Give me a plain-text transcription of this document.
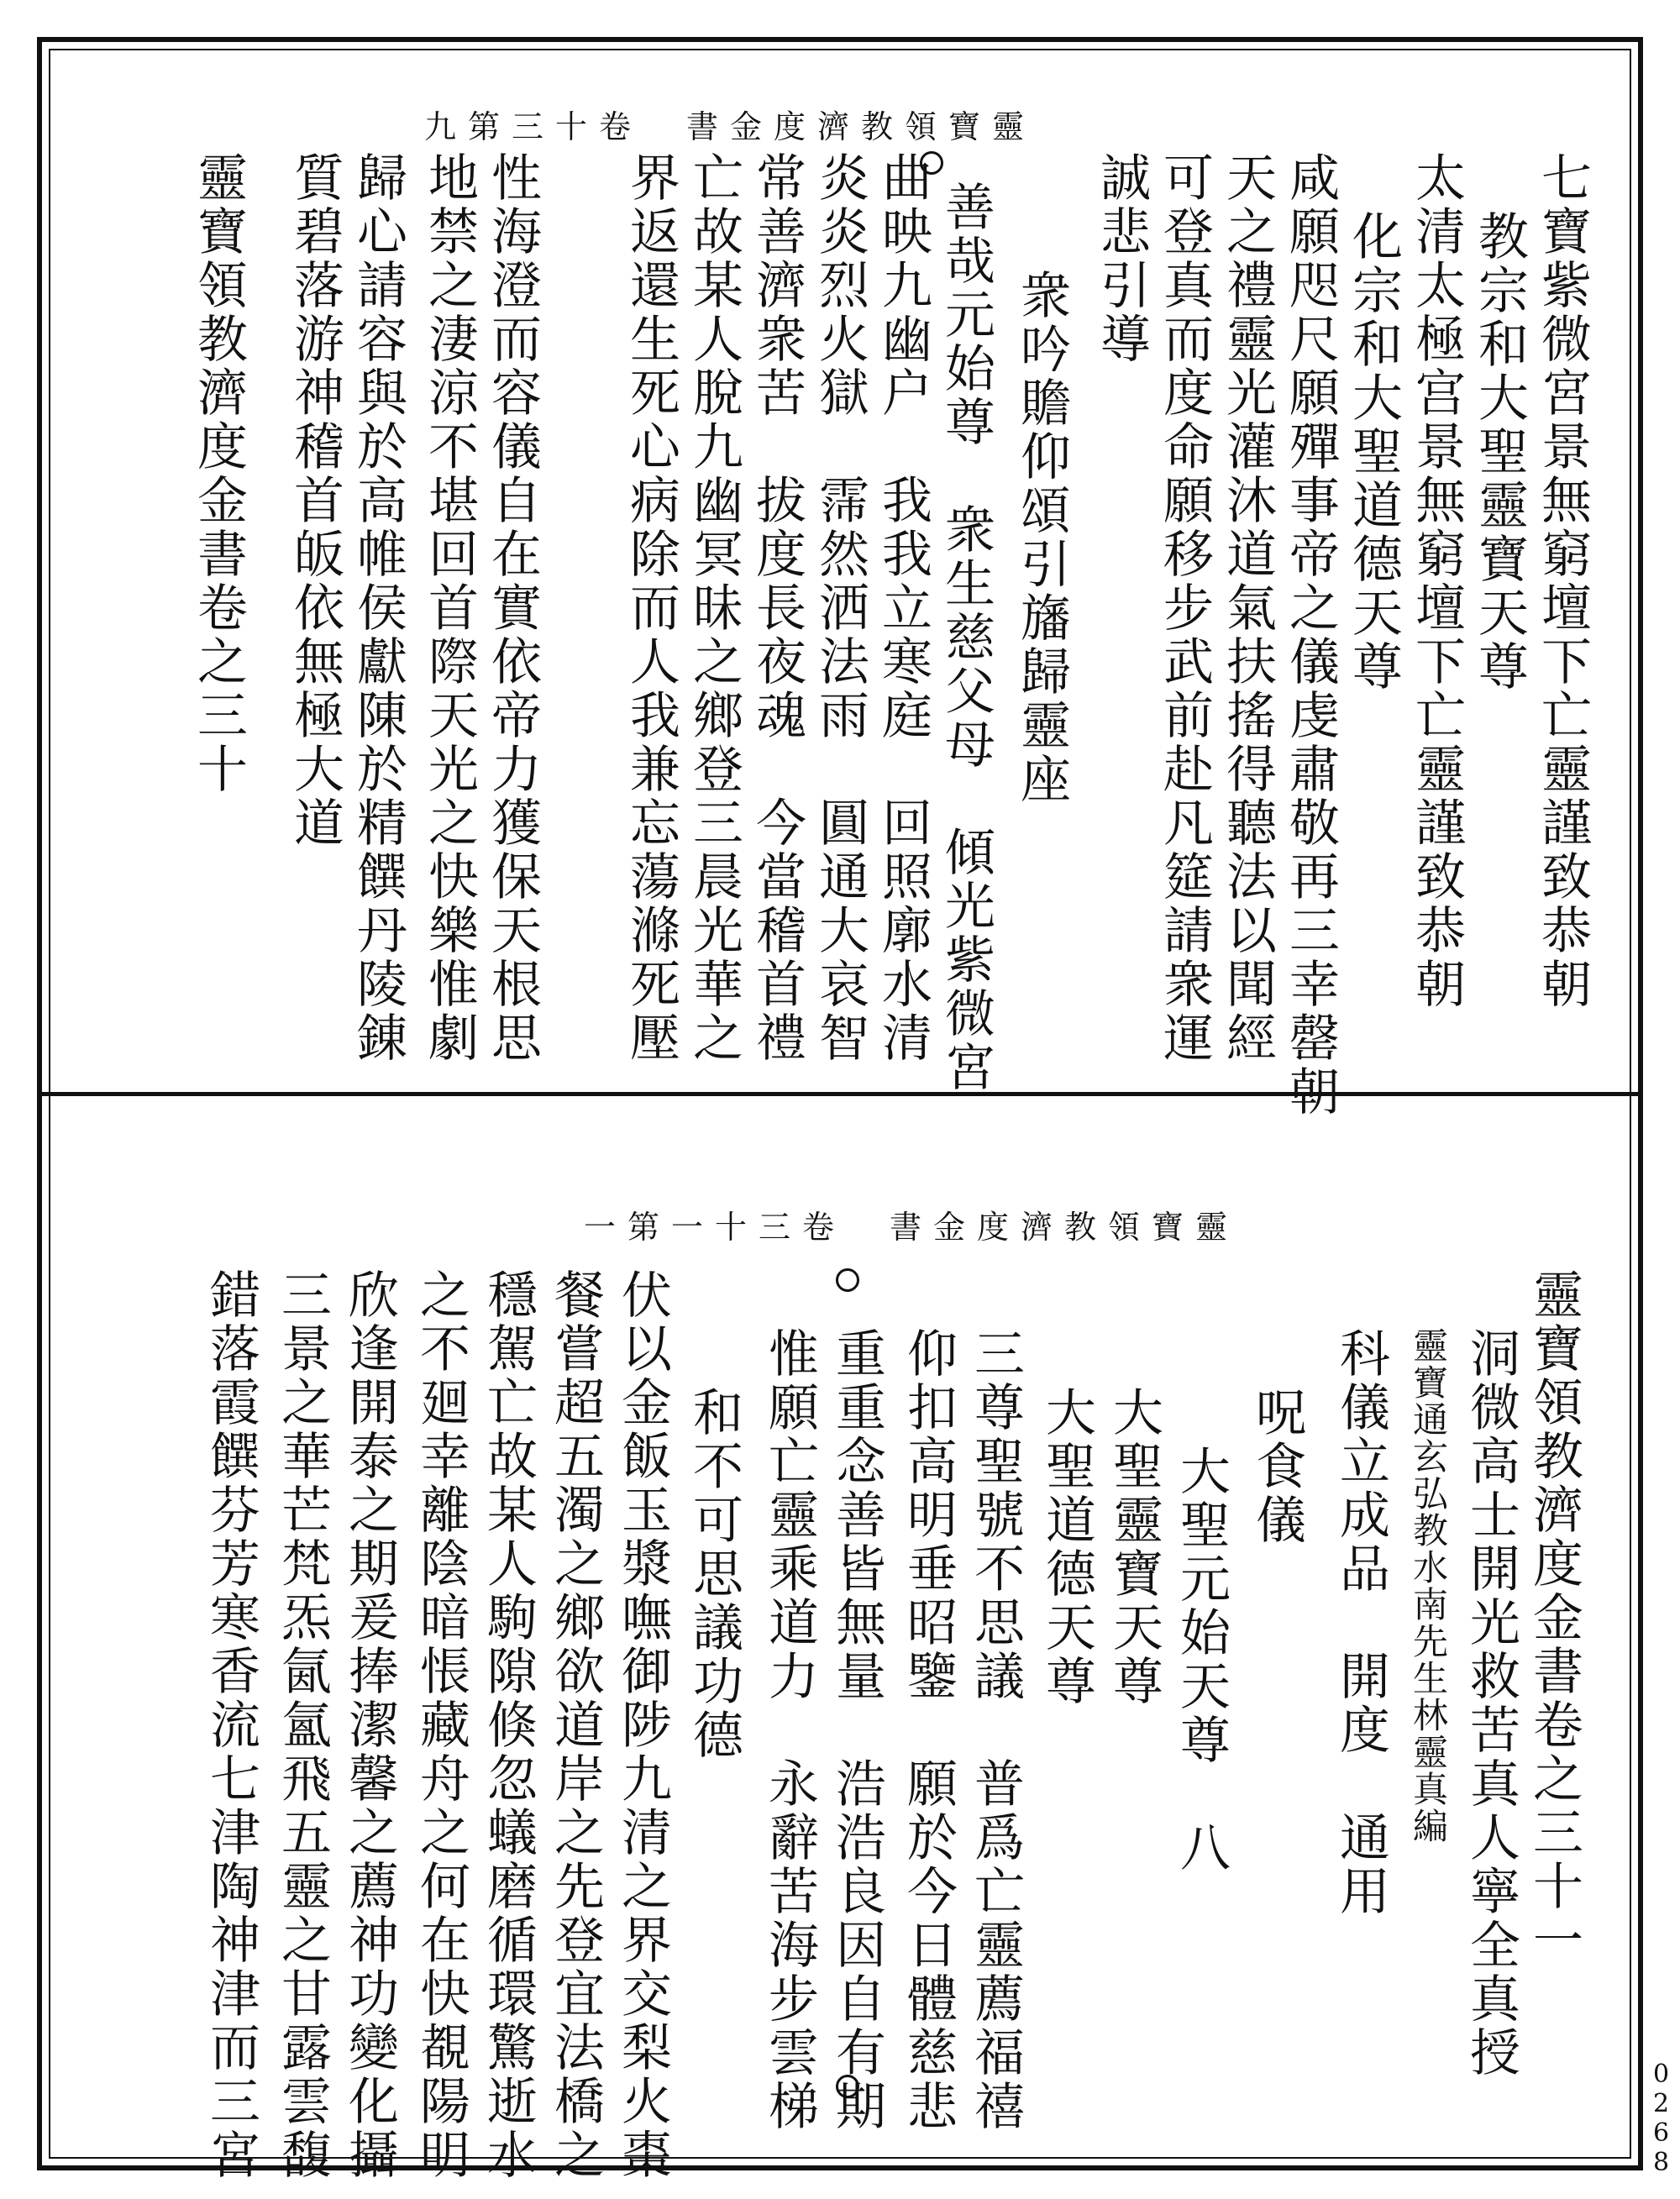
九第三十卷　書金度濟教領寶靈
七寶紫微宮景無窮壇下亡靈謹致恭朝
教宗和大聖靈寶天尊
太清太極宫景無窮壇下亡靈謹致恭朝
化宗和大聖道德天尊
咸願咫尺願殫事帝之儀虔肅敬再三幸罄朝
天之禮靈光灌沐道氣扶搖得聽法以聞經
可登真而度命願移步武前赴凡筵請衆運
誠悲引導
衆吟贍仰頌引旛歸靈座
善哉元始尊　衆生慈父母　傾光紫微宮
曲映九幽户　我我立寒庭　回照廓水清
炎炎烈火獄　霈然洒法雨　圓通大哀智
常善濟衆苦　拔度長夜魂　今當稽首禮
亡故某人脫九幽冥昧之鄉登三晨光華之
界返還生死心病除而人我兼忘蕩滌死壓
性海澄而容儀自在實依帝力獲保天根思
地禁之淒涼不堪回首際天光之快樂惟劇
歸心請容與於高帷侯獻陳於精饌丹陵錬
質碧落游神稽首皈依無極大道
靈寶領教濟度金書卷之三十
一第一十三卷　書金度濟教領寶靈
靈寶領教濟度金書卷之三十一
洞微高士開光救苦真人寧全真授
靈寶通玄弘教水南先生林靈真編
科儀立成品　開度　通用
呪食儀
大聖元始天尊　八
大聖靈寶天尊
大聖道德天尊
三尊聖號不思議　普爲亡靈薦福禧
仰扣高明垂昭鑒　願於今日體慈悲
重重念善皆無量　浩浩良因自有期
惟願亡靈乘道力　永辭苦海步雲梯
和不可思議功德
伏以金飯玉漿嘸御陟九清之界交梨火棗
餐嘗超五濁之鄉欲道岸之先登宜法橋之
穩駕亡故某人駒隙倏忽蟻磨循環驚逝水
之不廻幸離陰暗悵藏舟之何在快覩陽明
欣逢開泰之期爰捧潔馨之薦神功變化攝
三景之華芒梵炁氤氳飛五靈之甘露雲馥
錯落霞饌芬芳寒香流七津陶神津而三宮	0268
